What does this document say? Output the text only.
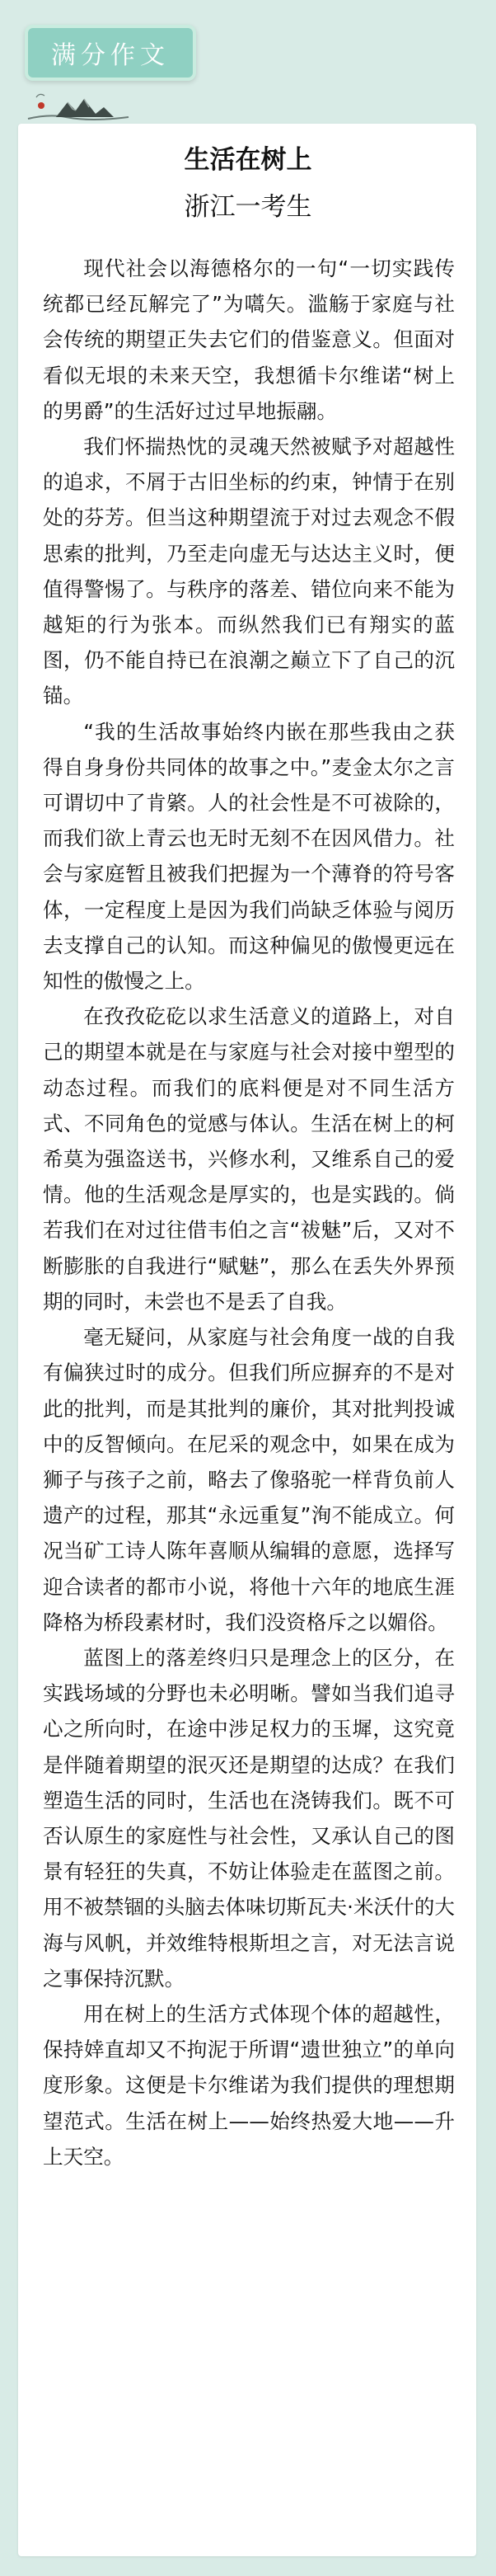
满分作文
生活在树上
浙江一考生

现代社会以海德格尔的一句“一切实践传统都已经瓦解完了”为嚆矢。滥觞于家庭与社会传统的期望正失去它们的借鉴意义。但面对看似无垠的未来天空，我想循卡尔维诺“树上的男爵”的生活好过过早地振翮。

我们怀揣热忱的灵魂天然被赋予对超越性的追求，不屑于古旧坐标的约束，钟情于在别处的芬芳。但当这种期望流于对过去观念不假思索的批判，乃至走向虚无与达达主义时，便值得警惕了。与秩序的落差、错位向来不能为越矩的行为张本。而纵然我们已有翔实的蓝图，仍不能自持已在浪潮之巅立下了自己的沉锚。

“我的生活故事始终内嵌在那些我由之获得自身身份共同体的故事之中。”麦金太尔之言可谓切中了肯綮。人的社会性是不可祓除的，而我们欲上青云也无时无刻不在因风借力。社会与家庭暂且被我们把握为一个薄脊的符号客体，一定程度上是因为我们尚缺乏体验与阅历去支撑自己的认知。而这种偏见的傲慢更远在知性的傲慢之上。

在孜孜矻矻以求生活意义的道路上，对自己的期望本就是在与家庭与社会对接中塑型的动态过程。而我们的底料便是对不同生活方式、不同角色的觉感与体认。生活在树上的柯希莫为强盗送书，兴修水利，又维系自己的爱情。他的生活观念是厚实的，也是实践的。倘若我们在对过往借韦伯之言“祓魅”后，又对不断膨胀的自我进行“赋魅”，那么在丢失外界预期的同时，未尝也不是丢了自我。

毫无疑问，从家庭与社会角度一战的自我有偏狭过时的成分。但我们所应摒弃的不是对此的批判，而是其批判的廉价，其对批判投诚中的反智倾向。在尼采的观念中，如果在成为狮子与孩子之前，略去了像骆驼一样背负前人遗产的过程，那其“永远重复”洵不能成立。何况当矿工诗人陈年喜顺从编辑的意愿，选择写迎合读者的都市小说，将他十六年的地底生涯降格为桥段素材时，我们没资格斥之以媚俗。

蓝图上的落差终归只是理念上的区分，在实践场域的分野也未必明晰。譬如当我们追寻心之所向时，在途中涉足权力的玉墀，这究竟是伴随着期望的泯灭还是期望的达成？在我们塑造生活的同时，生活也在浇铸我们。既不可否认原生的家庭性与社会性，又承认自己的图景有轻狂的失真，不妨让体验走在蓝图之前。用不被禁锢的头脑去体味切斯瓦夫·米沃什的大海与风帆，并效维特根斯坦之言，对无法言说之事保持沉默。

用在树上的生活方式体现个体的超越性，保持婞直却又不拘泥于所谓“遗世独立”的单向度形象。这便是卡尔维诺为我们提供的理想期望范式。生活在树上——始终热爱大地——升上天空。
